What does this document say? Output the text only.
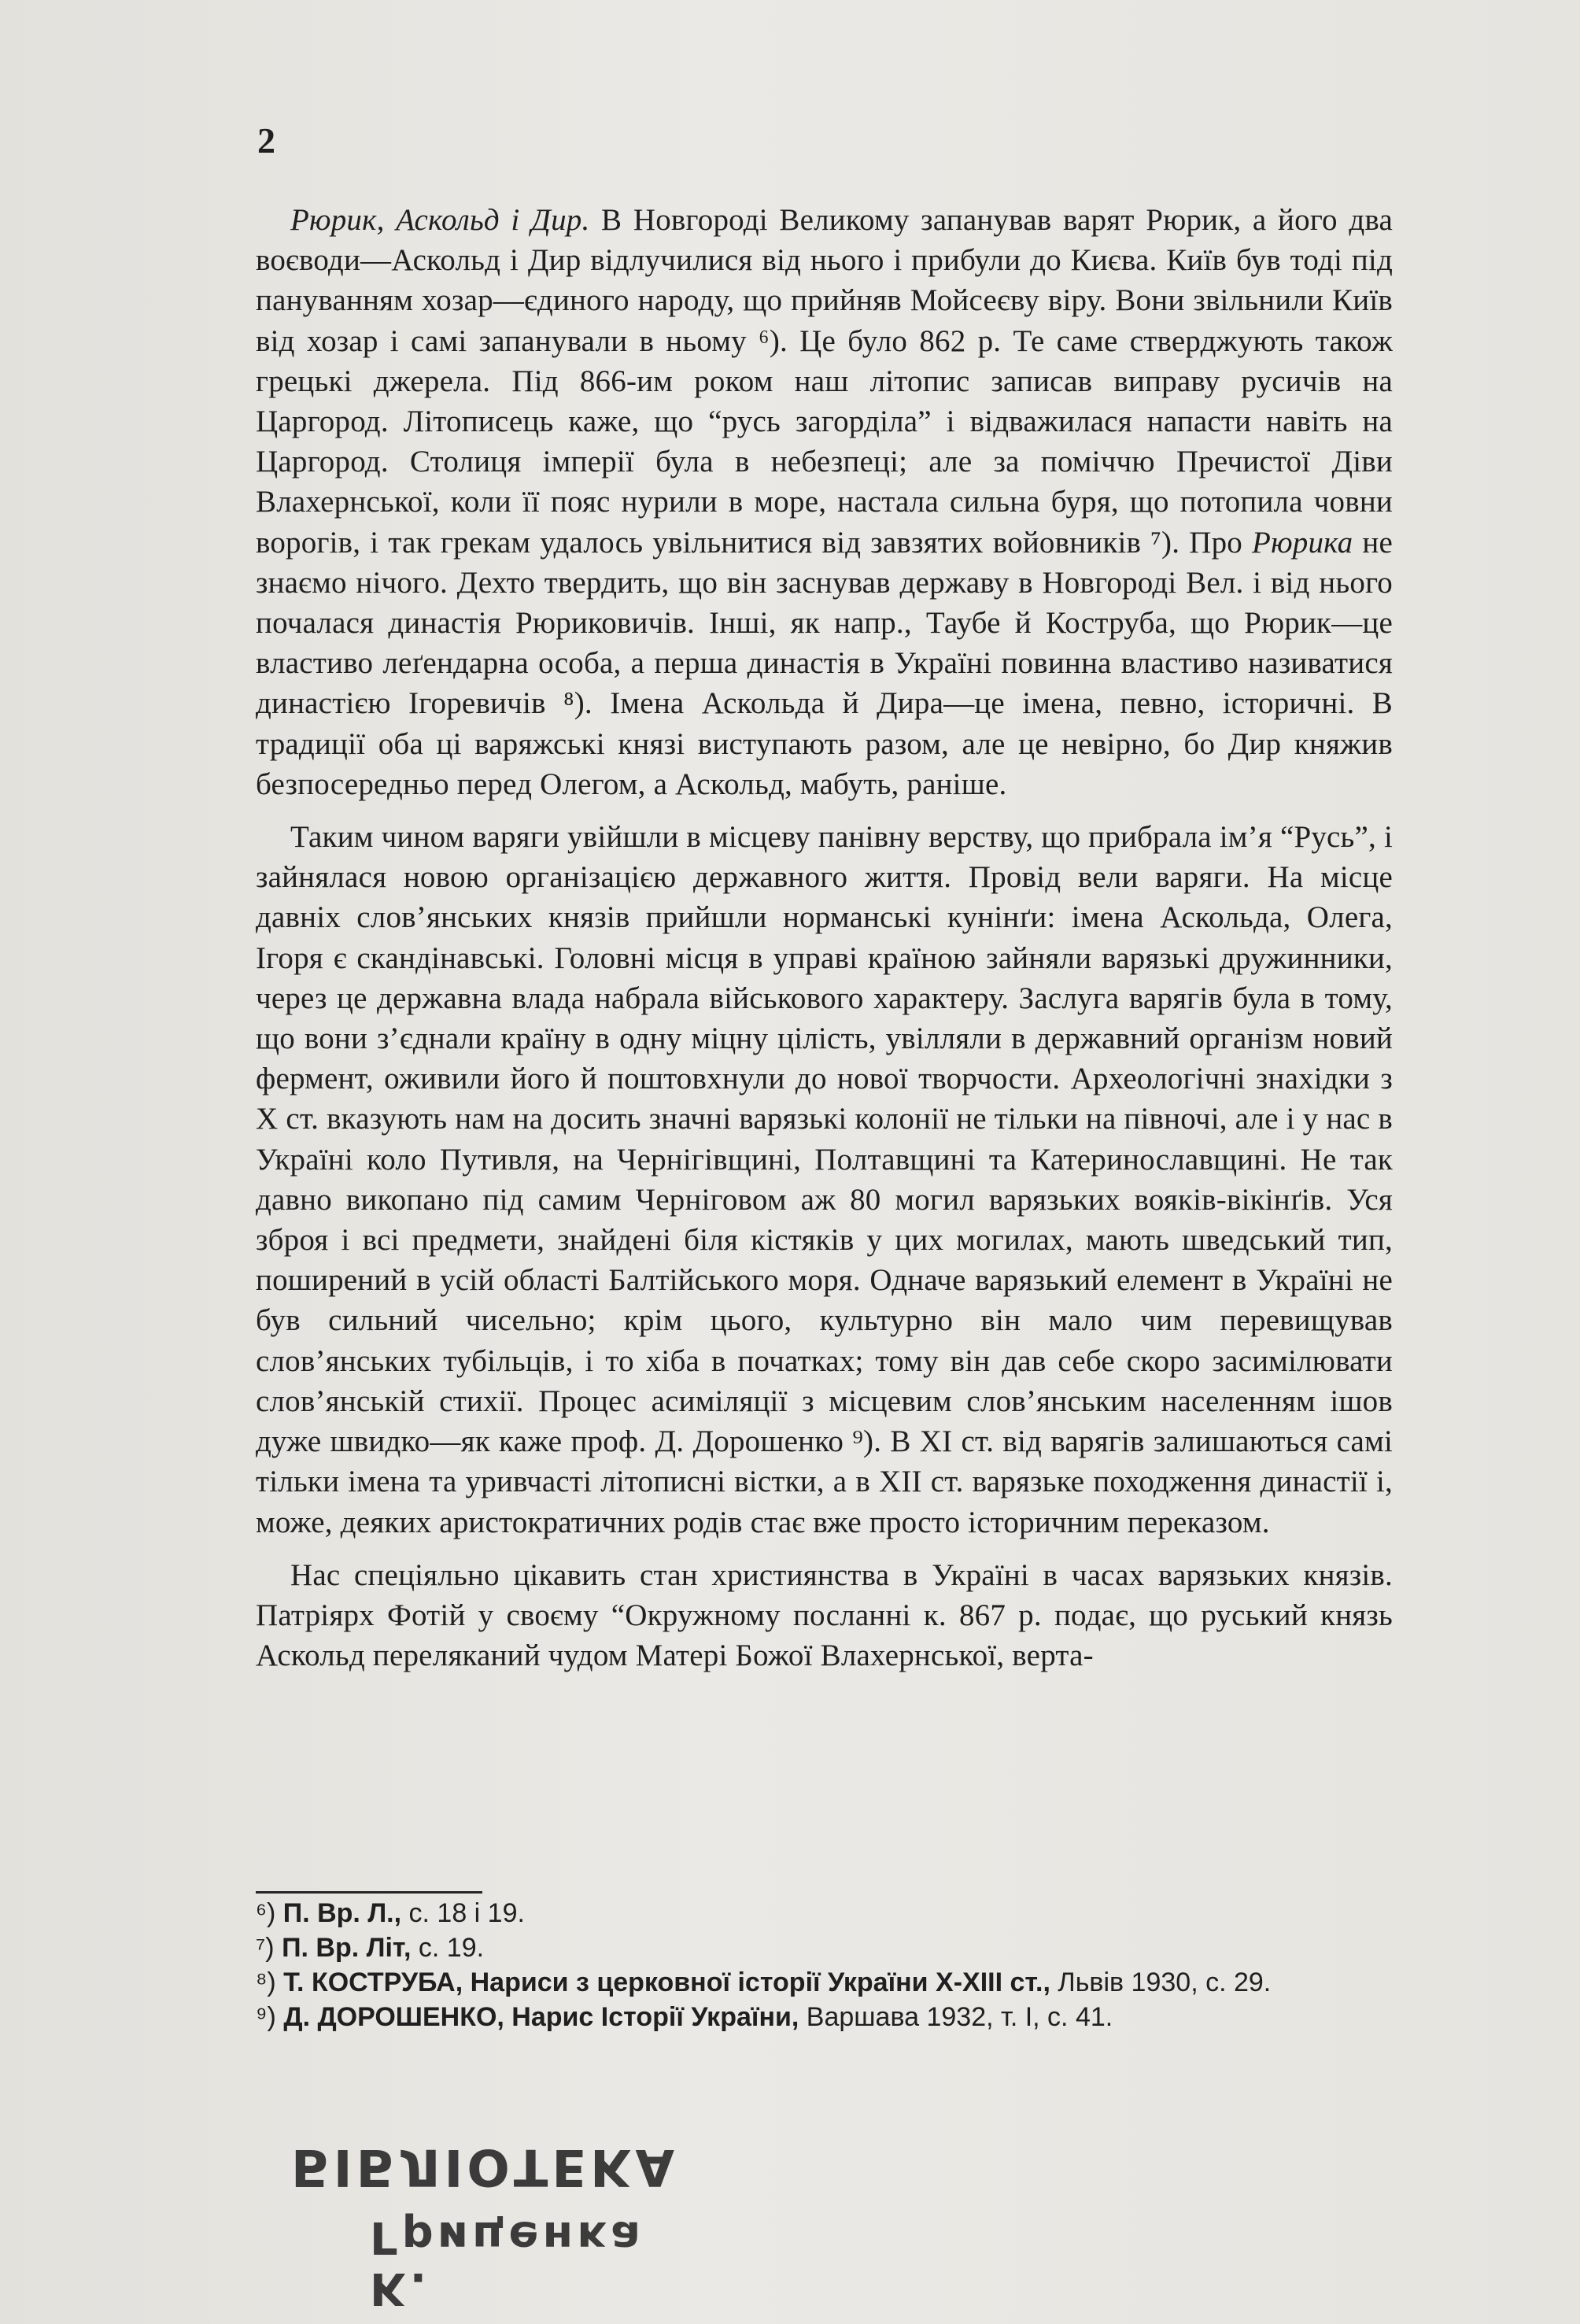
2

Рюрик, Аскольд і Дир. В Новгороді Великому запанував варят Рюрик, а його два воєводи—Аскольд і Дир відлучилися від нього і прибули до Києва. Київ був тоді під пануванням хозар—єдиного народу, що прийняв Мойсеєву віру. Вони звільнили Київ від хозар і самі запанували в ньому ⁶). Це було 862 р. Те саме стверджують також грецькі джерела. Під 866-им роком наш літопис записав виправу русичів на Царгород. Літописець каже, що “русь загорділа” і відважилася напасти навіть на Царгород. Столиця імперії була в небезпеці; але за поміччю Пречистої Діви Влахернської, коли її пояс нурили в море, настала сильна буря, що потопила човни ворогів, і так грекам удалось увільнитися від завзятих войовників ⁷). Про Рюрика не знаємо нічого. Дехто твердить, що він заснував державу в Новгороді Вел. і від нього почалася династія Рюриковичів. Інші, як напр., Таубе й Коструба, що Рюрик—це властиво леґендарна особа, а перша династія в Україні повинна властиво називатися династією Ігоревичів ⁸). Імена Аскольда й Дира—це імена, певно, історичні. В традиції оба ці варяжські князі виступають разом, але це невірно, бо Дир княжив безпосередньо перед Олегом, а Аскольд, мабуть, раніше.

Таким чином варяги увійшли в місцеву панівну верству, що прибрала ім’я “Русь”, і зайнялася новою організацією державного життя. Провід вели варяги. На місце давніх слов’янських князів прийшли норманські кунінґи: імена Аскольда, Олега, Ігоря є скандінавські. Головні місця в управі країною зайняли варязькі дружинники, через це державна влада набрала військового характеру. Заслуга варягів була в тому, що вони з’єднали країну в одну міцну цілість, увілляли в державний організм новий фермент, оживили його й поштовхнули до нової творчости. Археологічні знахідки з X ст. вказують нам на досить значні варязькі колонії не тільки на півночі, але і у нас в Україні коло Путивля, на Чернігівщині, Полтавщині та Катеринославщині. Не так давно викопано під самим Черніговом аж 80 могил варязьких вояків-вікінґів. Уся зброя і всі предмети, знайдені біля кістяків у цих могилах, мають шведський тип, поширений в усій області Балтійського моря. Одначе варязький елемент в Україні не був сильний чисельно; крім цього, культурно він мало чим перевищував слов’янських тубільців, і то хіба в початках; тому він дав себе скоро засимілювати слов’янській стихії. Процес асиміляції з місцевим слов’янським населенням ішов дуже швидко—як каже проф. Д. Дорошенко ⁹). В XI ст. від варягів залишаються самі тільки імена та уривчасті літописні вістки, а в XII ст. варязьке походження династії і, може, деяких аристократичних родів стає вже просто історичним переказом.

Нас спеціяльно цікавить стан християнства в Україні в часах варязьких князів. Патріярх Фотій у своєму “Окружному посланні к. 867 р. подає, що руський князь Аскольд переляканий чудом Матері Божої Влахернської, верта-

⁶) П. Вр. Л., с. 18 і 19.
⁷) П. Вр. Літ, с. 19.
⁸) Т. КОСТРУБА, Нариси з церковної історії України X-XIII ст., Львів 1930, с. 29.
⁹) Д. ДОРОШЕНКО, Нарис Історії України, Варшава 1932, т. І, с. 41.
БІБЛІОТЕКА
К. Гриценка
